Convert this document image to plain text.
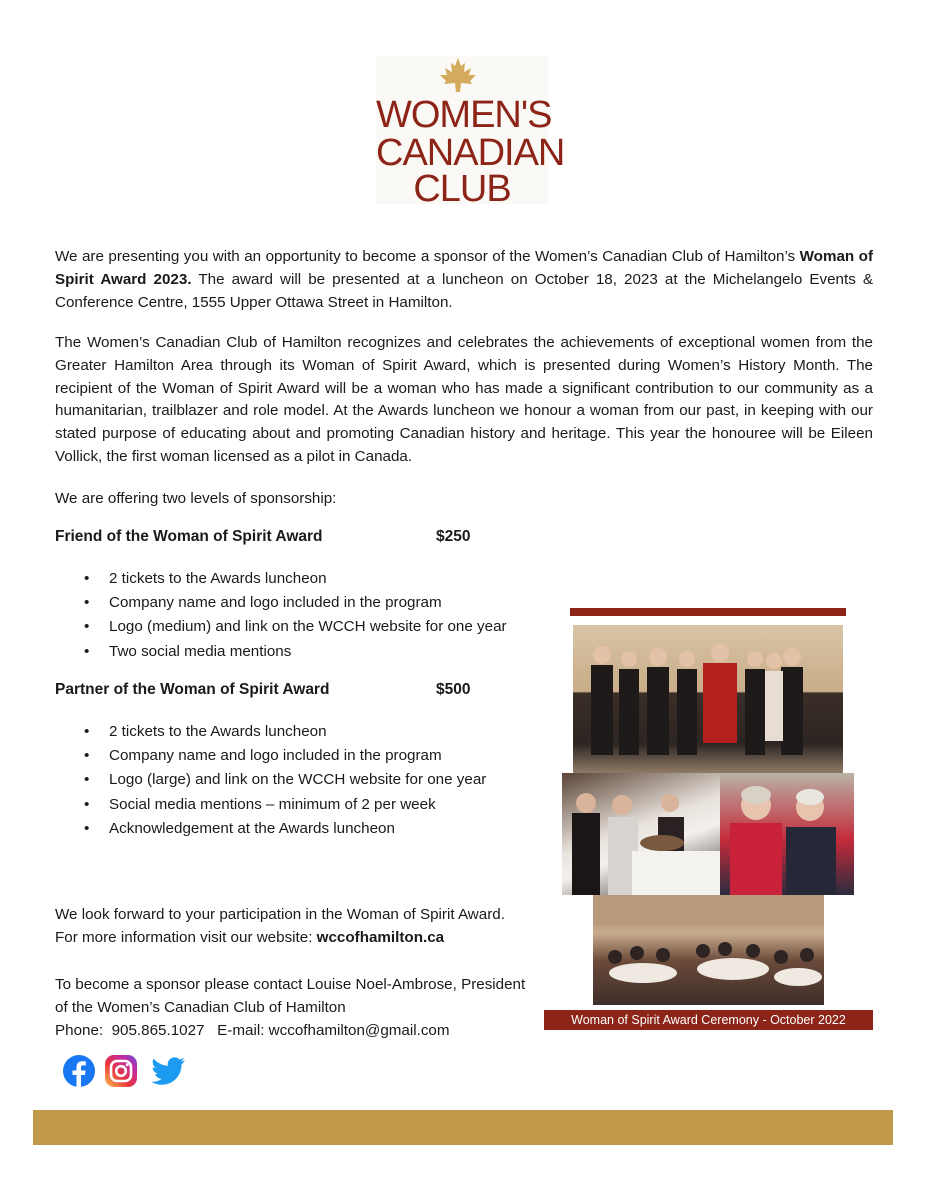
WOMEN'S
CANADIAN
CLUB

We are presenting you with an opportunity to become a sponsor of the Women’s Canadian Club of Hamilton’s Woman of Spirit Award 2023. The award will be presented at a luncheon on October 18, 2023 at the Michelangelo Events & Conference Centre, 1555 Upper Ottawa Street in Hamilton.

The Women’s Canadian Club of Hamilton recognizes and celebrates the achievements of exceptional women from the Greater Hamilton Area through its Woman of Spirit Award, which is presented during Women’s History Month. The recipient of the Woman of Spirit Award will be a woman who has made a significant contribution to our community as a humanitarian, trailblazer and role model. At the Awards luncheon we honour a woman from our past, in keeping with our stated purpose of educating about and promoting Canadian history and heritage. This year the honouree will be Eileen Vollick, the first woman licensed as a pilot in Canada.

We are offering two levels of sponsorship:

Friend of the Woman of Spirit Award	$250
• 2 tickets to the Awards luncheon
• Company name and logo included in the program
• Logo (medium) and link on the WCCH website for one year
• Two social media mentions
Partner of the Woman of Spirit Award	$500
• 2 tickets to the Awards luncheon
• Company name and logo included in the program
• Logo (large) and link on the WCCH website for one year
• Social media mentions – minimum of 2 per week
• Acknowledgement at the Awards luncheon
We look forward to your participation in the Woman of Spirit Award.
For more information visit our website: wccofhamilton.ca
To become a sponsor please contact Louise Noel-Ambrose, President
of the Women’s Canadian Club of Hamilton
Phone: 905.865.1027 E-mail: wccofhamilton@gmail.com
Woman of Spirit Award Ceremony - October 2022
